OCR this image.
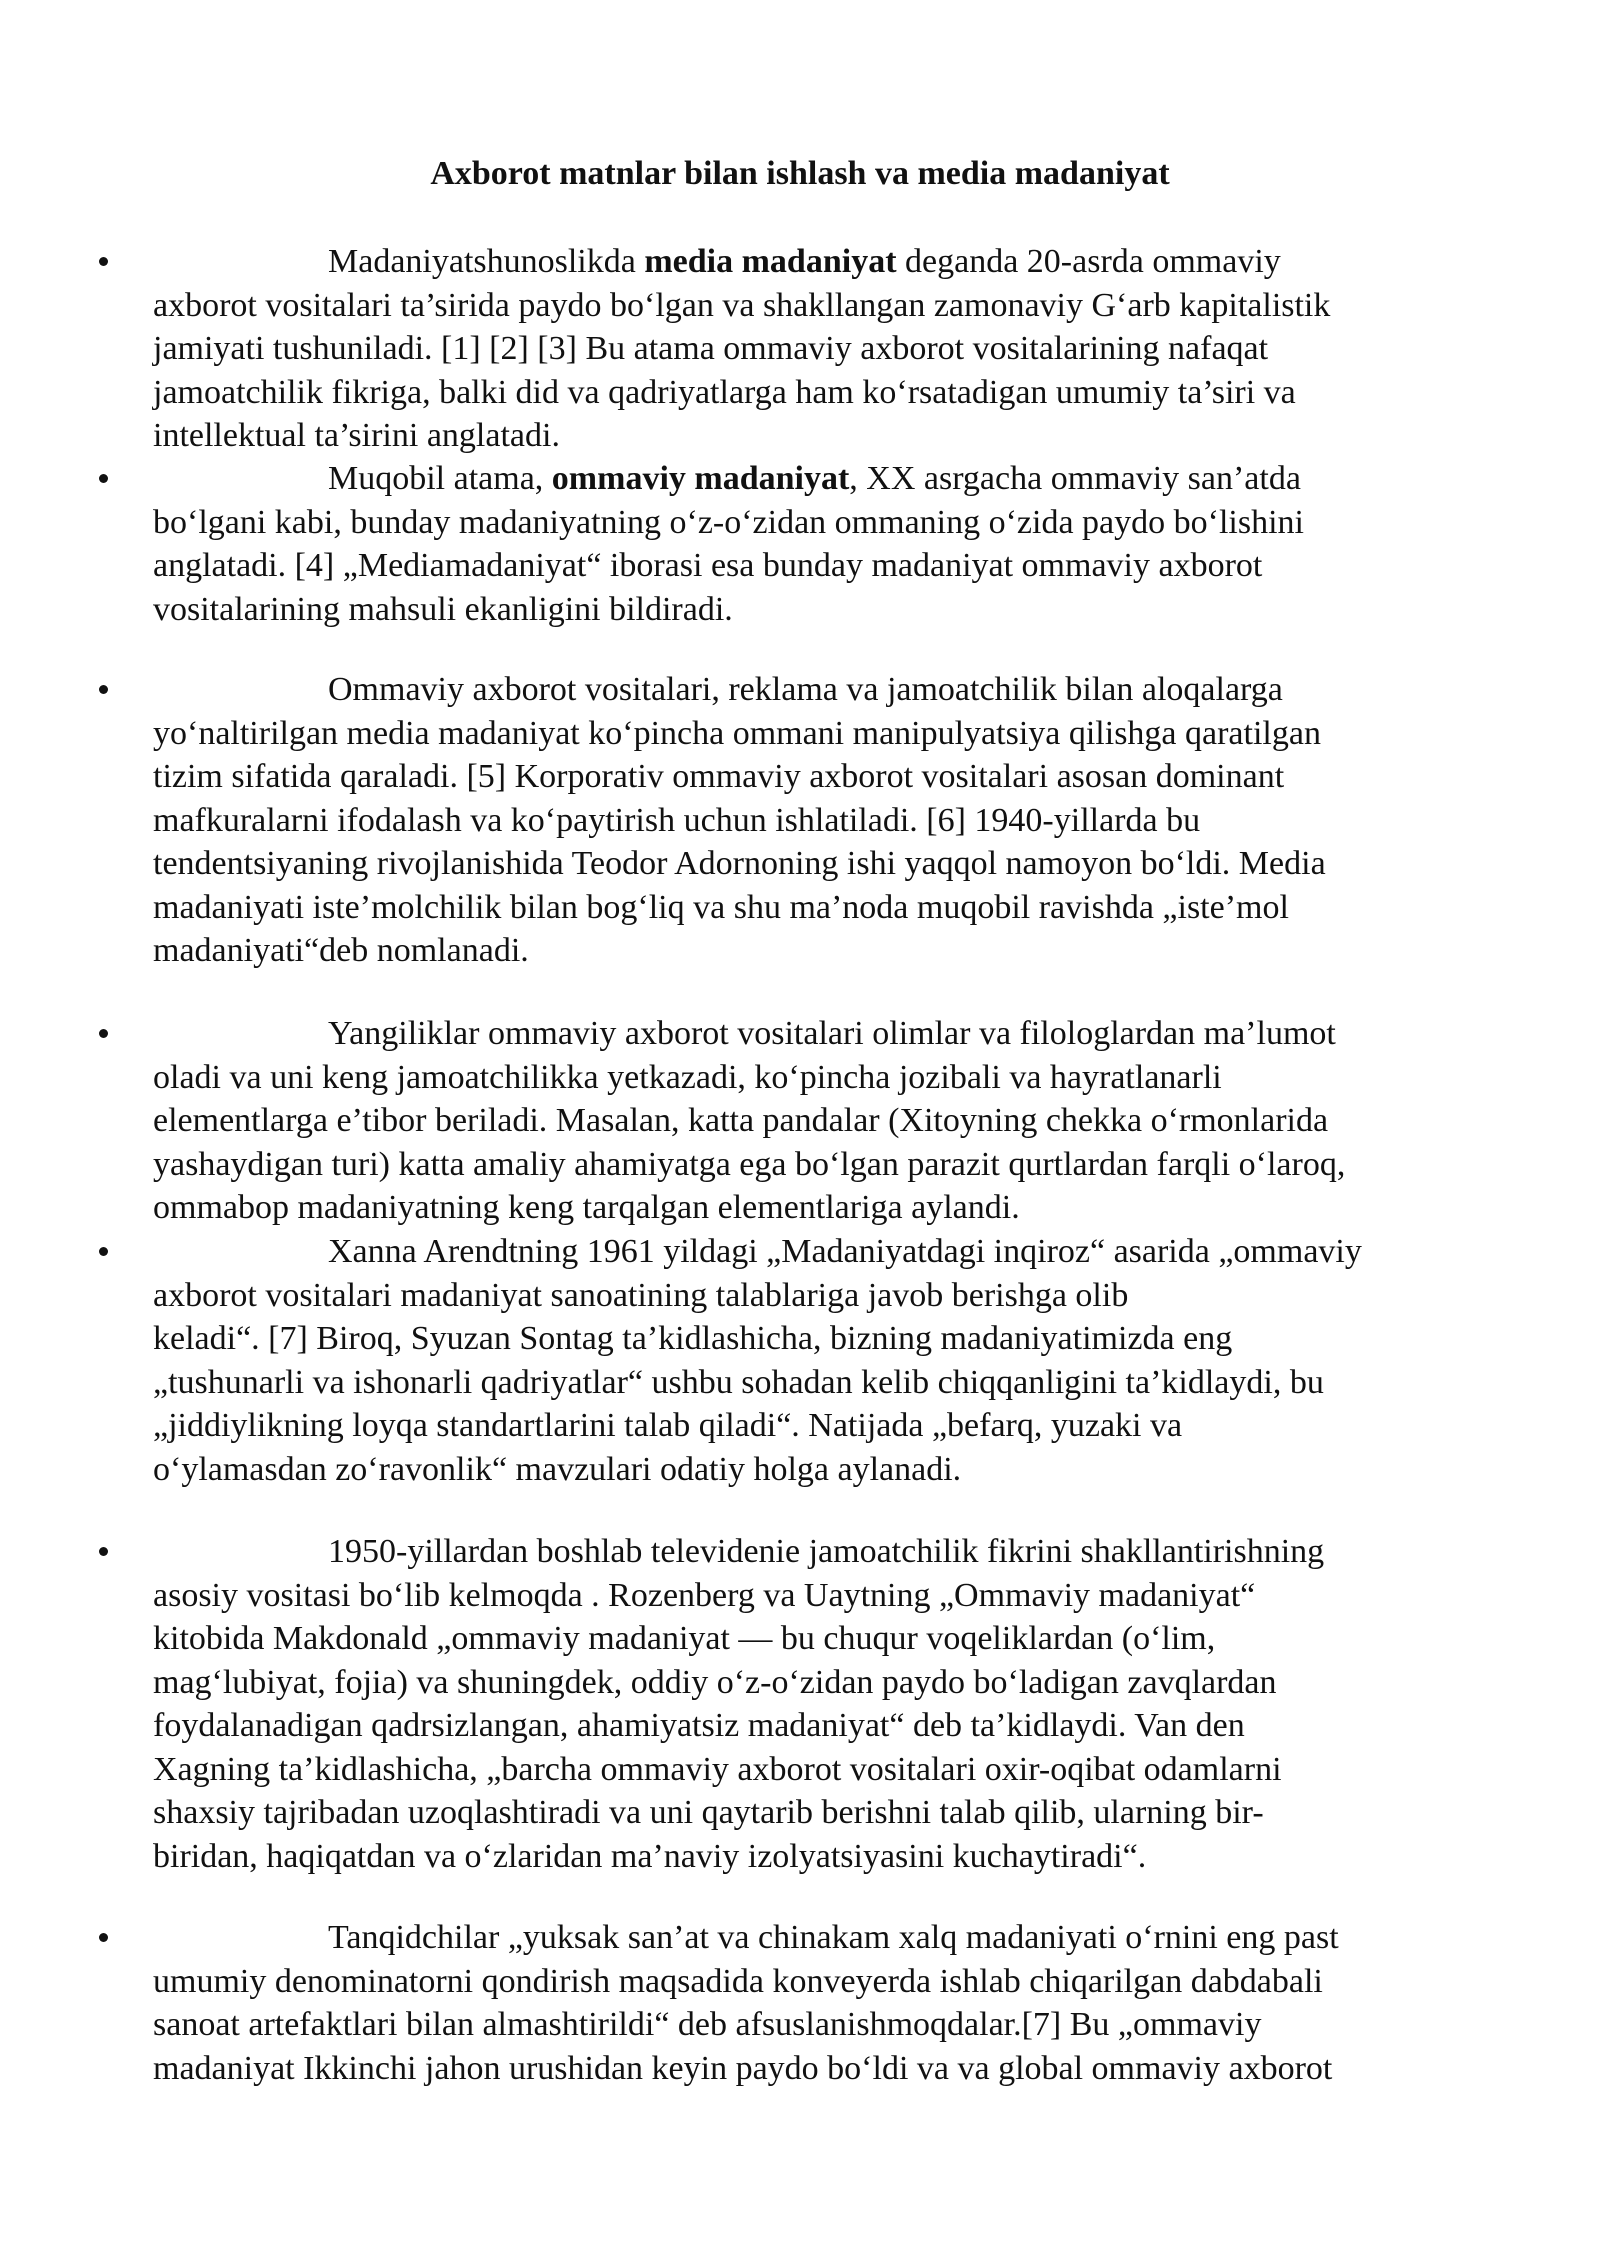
Axborot matnlar bilan ishlash va media madaniyat

Madaniyatshunoslikda media madaniyat deganda 20-asrda ommaviy
axborot vositalari ta’sirida paydo bo‘lgan va shakllangan zamonaviy G‘arb kapitalistik
jamiyati tushuniladi. [1] [2] [3] Bu atama ommaviy axborot vositalarining nafaqat
jamoatchilik fikriga, balki did va qadriyatlarga ham ko‘rsatadigan umumiy ta’siri va
intellektual ta’sirini anglatadi.

Muqobil atama, ommaviy madaniyat, XX asrgacha ommaviy san’atda
bo‘lgani kabi, bunday madaniyatning o‘z-o‘zidan ommaning o‘zida paydo bo‘lishini
anglatadi. [4] „Mediamadaniyat“ iborasi esa bunday madaniyat ommaviy axborot
vositalarining mahsuli ekanligini bildiradi.

Ommaviy axborot vositalari, reklama va jamoatchilik bilan aloqalarga
yo‘naltirilgan media madaniyat ko‘pincha ommani manipulyatsiya qilishga qaratilgan
tizim sifatida qaraladi. [5] Korporativ ommaviy axborot vositalari asosan dominant
mafkuralarni ifodalash va ko‘paytirish uchun ishlatiladi. [6] 1940-yillarda bu
tendentsiyaning rivojlanishida Teodor Adornoning ishi yaqqol namoyon bo‘ldi. Media
madaniyati iste’molchilik bilan bog‘liq va shu ma’noda muqobil ravishda „iste’mol
madaniyati“deb nomlanadi.

Yangiliklar ommaviy axborot vositalari olimlar va filologlardan ma’lumot
oladi va uni keng jamoatchilikka yetkazadi, ko‘pincha jozibali va hayratlanarli
elementlarga e’tibor beriladi. Masalan, katta pandalar (Xitoyning chekka o‘rmonlarida
yashaydigan turi) katta amaliy ahamiyatga ega bo‘lgan parazit qurtlardan farqli o‘laroq,
ommabop madaniyatning keng tarqalgan elementlariga aylandi.

Xanna Arendtning 1961 yildagi „Madaniyatdagi inqiroz“ asarida „ommaviy
axborot vositalari madaniyat sanoatining talablariga javob berishga olib
keladi“. [7] Biroq, Syuzan Sontag ta’kidlashicha, bizning madaniyatimizda eng
„tushunarli va ishonarli qadriyatlar“ ushbu sohadan kelib chiqqanligini ta’kidlaydi, bu
„jiddiylikning loyqa standartlarini talab qiladi“. Natijada „befarq, yuzaki va
o‘ylamasdan zo‘ravonlik“ mavzulari odatiy holga aylanadi.

1950-yillardan boshlab televidenie jamoatchilik fikrini shakllantirishning
asosiy vositasi bo‘lib kelmoqda . Rozenberg va Uaytning „Ommaviy madaniyat“
kitobida Makdonald „ommaviy madaniyat — bu chuqur voqeliklardan (o‘lim,
mag‘lubiyat, fojia) va shuningdek, oddiy o‘z-o‘zidan paydo bo‘ladigan zavqlardan
foydalanadigan qadrsizlangan, ahamiyatsiz madaniyat“ deb ta’kidlaydi. Van den
Xagning ta’kidlashicha, „barcha ommaviy axborot vositalari oxir-oqibat odamlarni
shaxsiy tajribadan uzoqlashtiradi va uni qaytarib berishni talab qilib, ularning bir-
biridan, haqiqatdan va o‘zlaridan ma’naviy izolyatsiyasini kuchaytiradi“.

Tanqidchilar „yuksak san’at va chinakam xalq madaniyati o‘rnini eng past
umumiy denominatorni qondirish maqsadida konveyerda ishlab chiqarilgan dabdabali
sanoat artefaktlari bilan almashtirildi“ deb afsuslanishmoqdalar.[7] Bu „ommaviy
madaniyat Ikkinchi jahon urushidan keyin paydo bo‘ldi va va global ommaviy axborot
